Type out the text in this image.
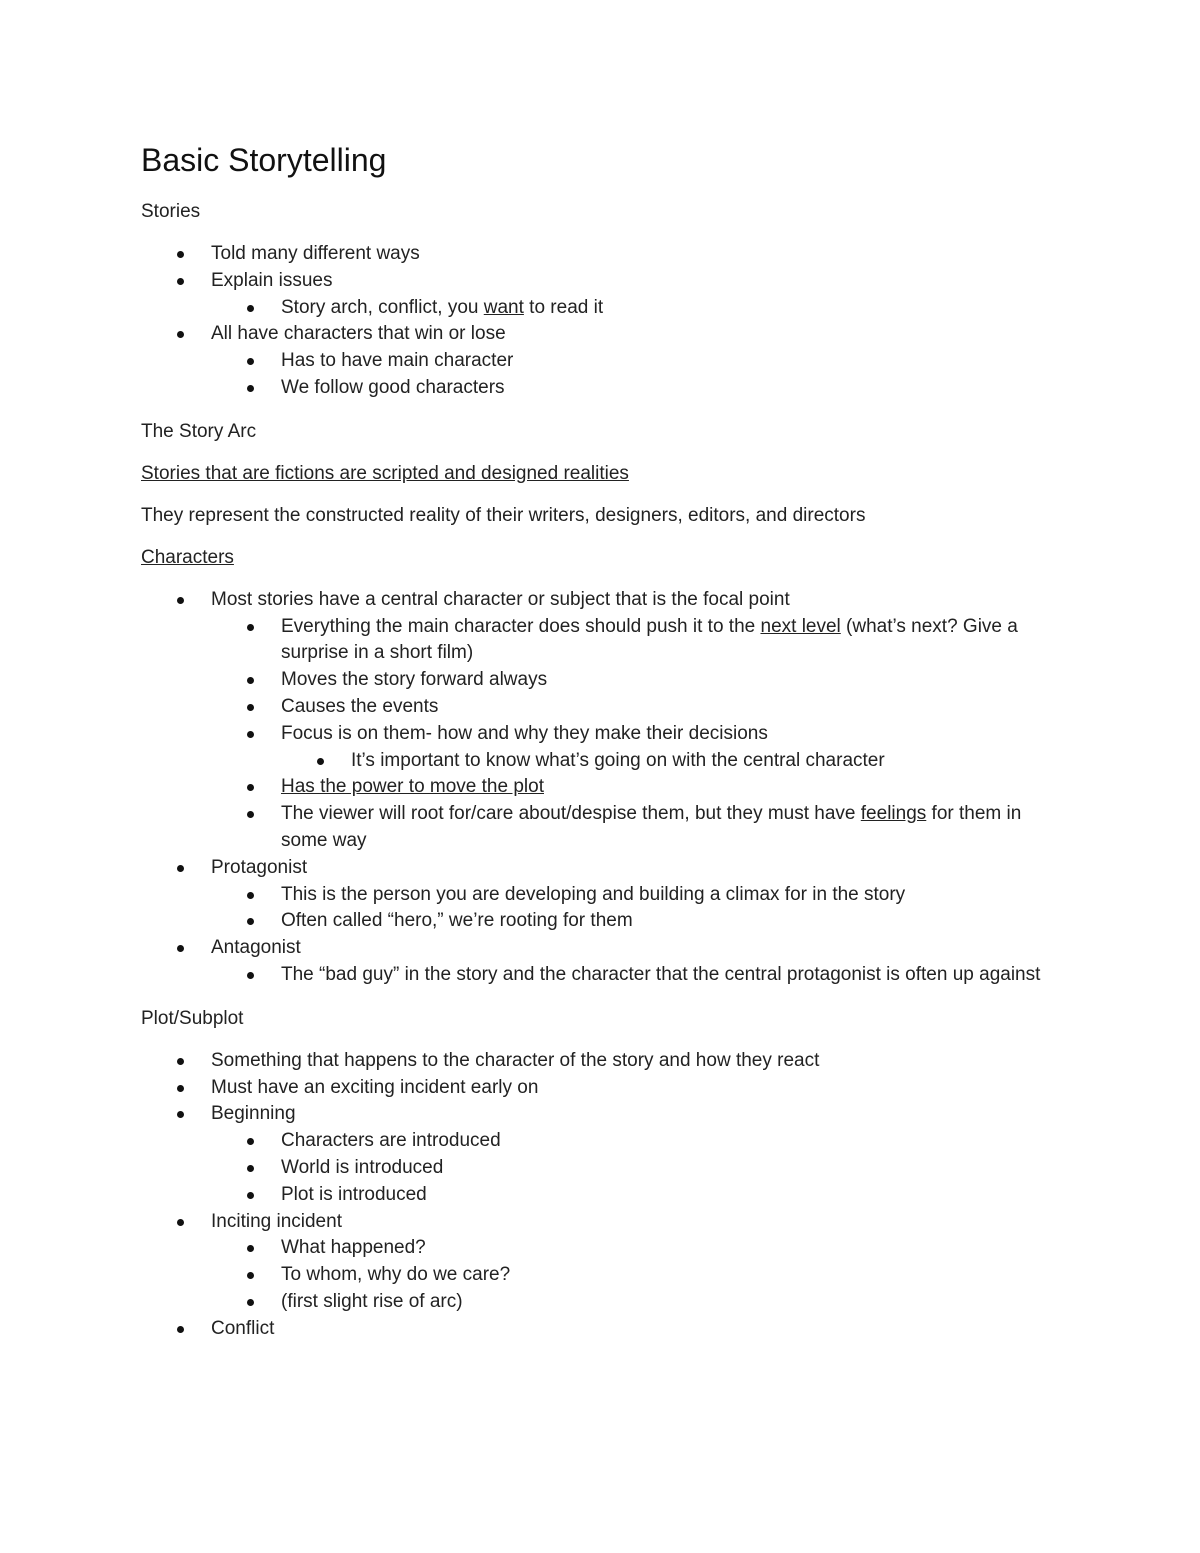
Basic Storytelling

Stories

Told many different ways
Explain issues
Story arch, conflict, you want to read it
All have characters that win or lose
Has to have main character
We follow good characters

The Story Arc

Stories that are fictions are scripted and designed realities

They represent the constructed reality of their writers, designers, editors, and directors

Characters

Most stories have a central character or subject that is the focal point
Everything the main character does should push it to the next level (what’s next? Give a surprise in a short film)
Moves the story forward always
Causes the events
Focus is on them- how and why they make their decisions
It’s important to know what’s going on with the central character
Has the power to move the plot
The viewer will root for/care about/despise them, but they must have feelings for them in some way
Protagonist
This is the person you are developing and building a climax for in the story
Often called “hero,” we’re rooting for them
Antagonist
The “bad guy” in the story and the character that the central protagonist is often up against

Plot/Subplot

Something that happens to the character of the story and how they react
Must have an exciting incident early on
Beginning
Characters are introduced
World is introduced
Plot is introduced
Inciting incident
What happened?
To whom, why do we care?
(first slight rise of arc)
Conflict
